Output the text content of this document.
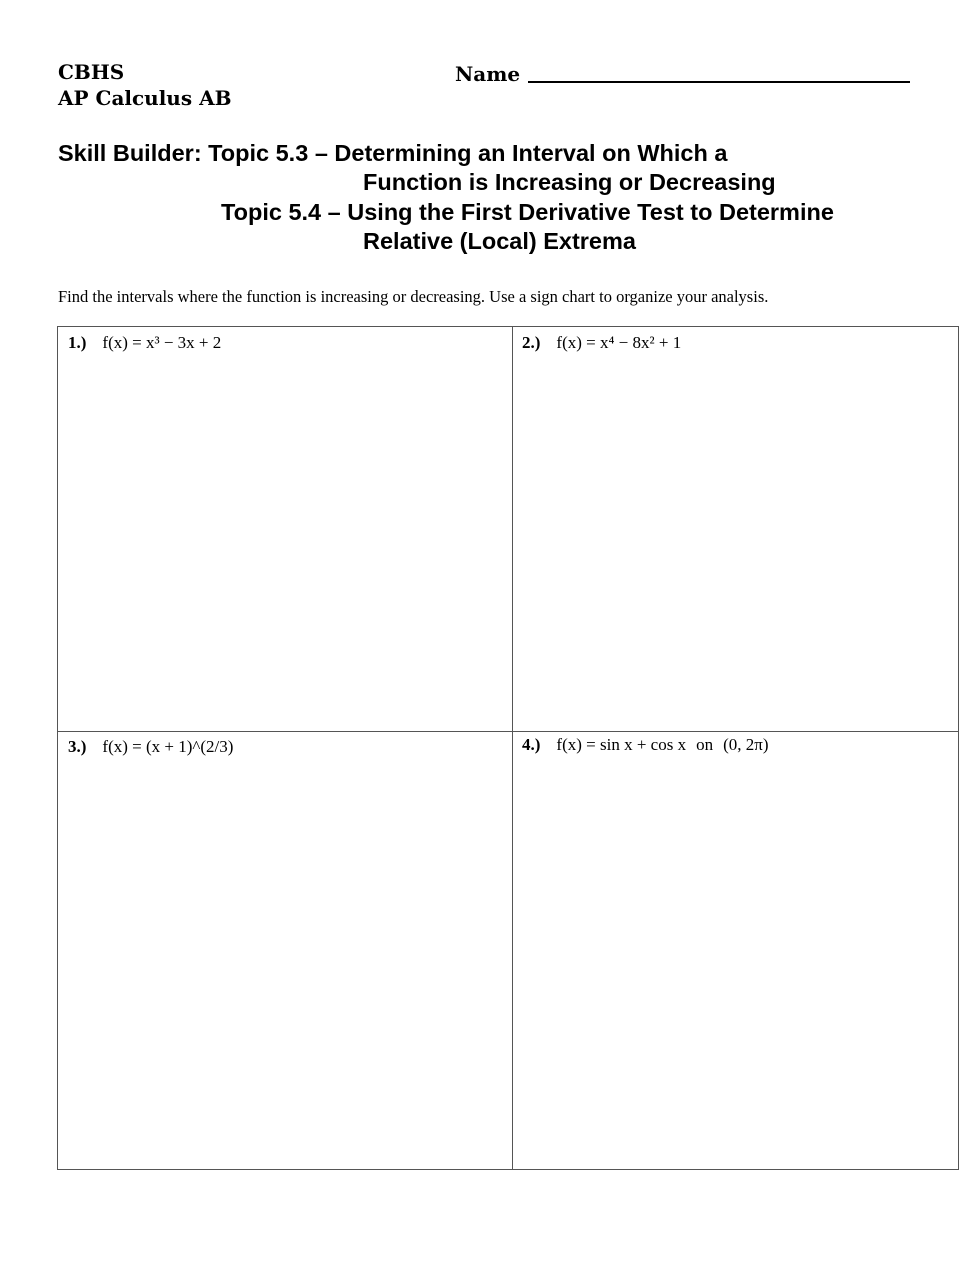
CBHS
AP Calculus AB
Name
Skill Builder: Topic 5.3 – Determining an Interval on Which a
Function is Increasing or Decreasing
Topic 5.4 – Using the First Derivative Test to Determine
Relative (Local) Extrema
Find the intervals where the function is increasing or decreasing. Use a sign chart to organize your analysis.
1.) f(x) = x³ − 3x + 2	2.) f(x) = x⁴ − 8x² + 1
3.) f(x) = (x + 1)^(2/3)	4.) f(x) = sin x + cos x on (0, 2π)
